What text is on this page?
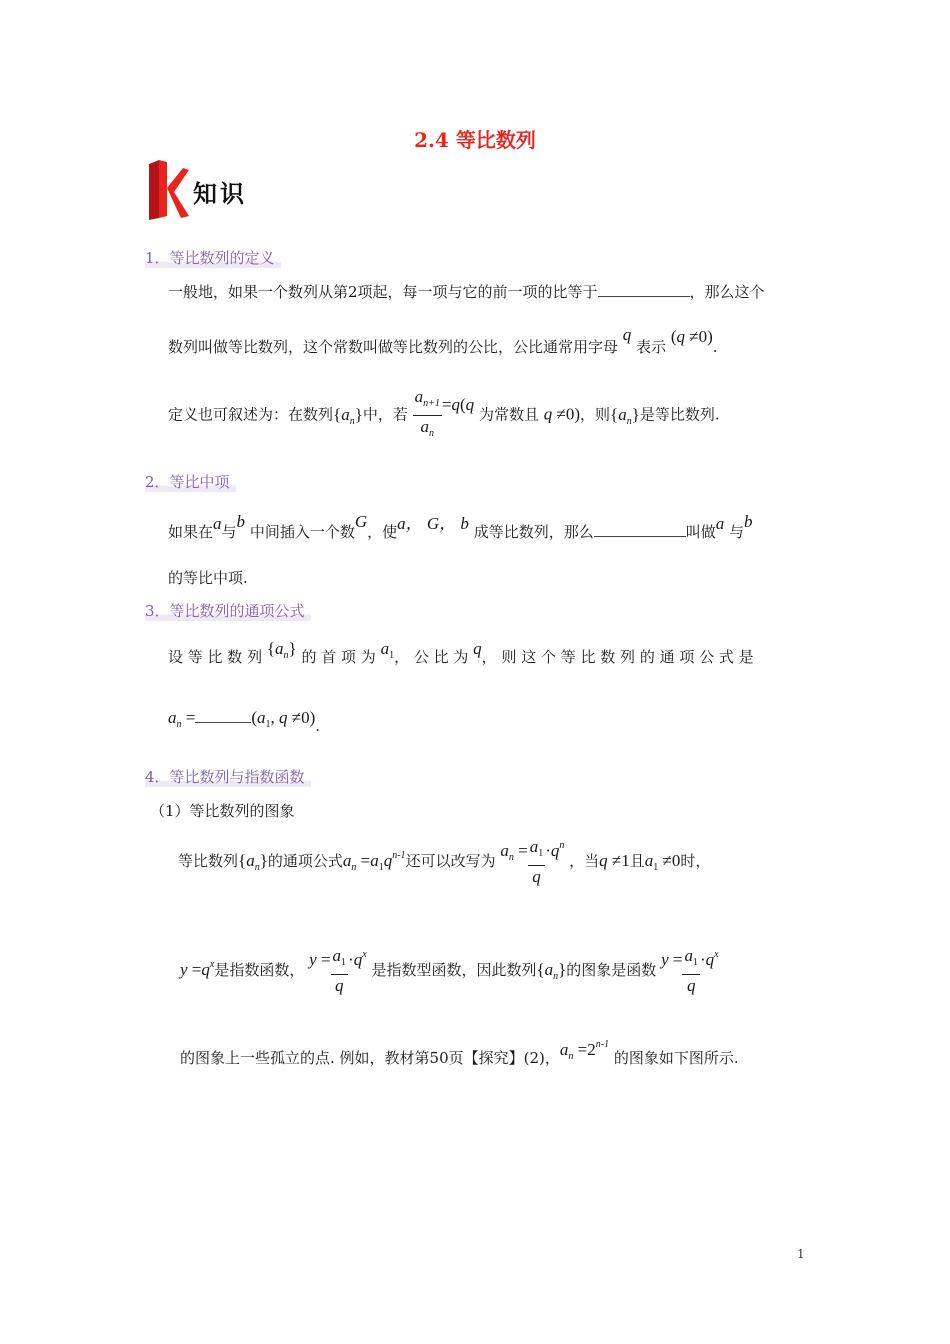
2.4 等比数列
知识
1．等比数列的定义
一般地，如果一个数列从第2项起，每一项与它的前一项的比等于	，那么这个
数列叫做等比数列，这个常数叫做等比数列的公比，公比通常用字母 q 表示 (q ≠0).
定义也可叙述为：在数列$\{a_n\}$中，若 $\frac{a_{n+1}}{a_n} =q(q$ 为常数且 q ≠0)，则$\{a_n\}$是等比数列.
2．等比中项
如果在a与b 中间插入一个数G，使a， G， b 成等比数列，那么	叫做a 与b
的等比中项.
3．等比数列的通项公式
设 等 比 数 列 $\{a_n\}$ 的 首 项 为 $a_1$， 公 比 为 q， 则 这 个 等 比 数 列 的 通 项 公 式 是
$a_n$ =	($a_1$, q ≠0).
4．等比数列与指数函数
（1）等比数列的图象
等比数列$\{a_n\}$的通项公式$a_n =a_1q^{n-1}$还可以改写为 $a_n = \frac{a_1}{q} \cdot q^n$ ，当q ≠1且$a_1 \ne 0$时，
$y =q^x$是指数函数， $y = \frac{a_1}{q} \cdot q^x$ 是指数型函数，因此数列$\{a_n\}$的图象是函数 $y = \frac{a_1}{q} \cdot q^x$
的图象上一些孤立的点. 例如，教材第50页【探究】(2)，$a_n =2^{n-1}$ 的图象如下图所示.
1
